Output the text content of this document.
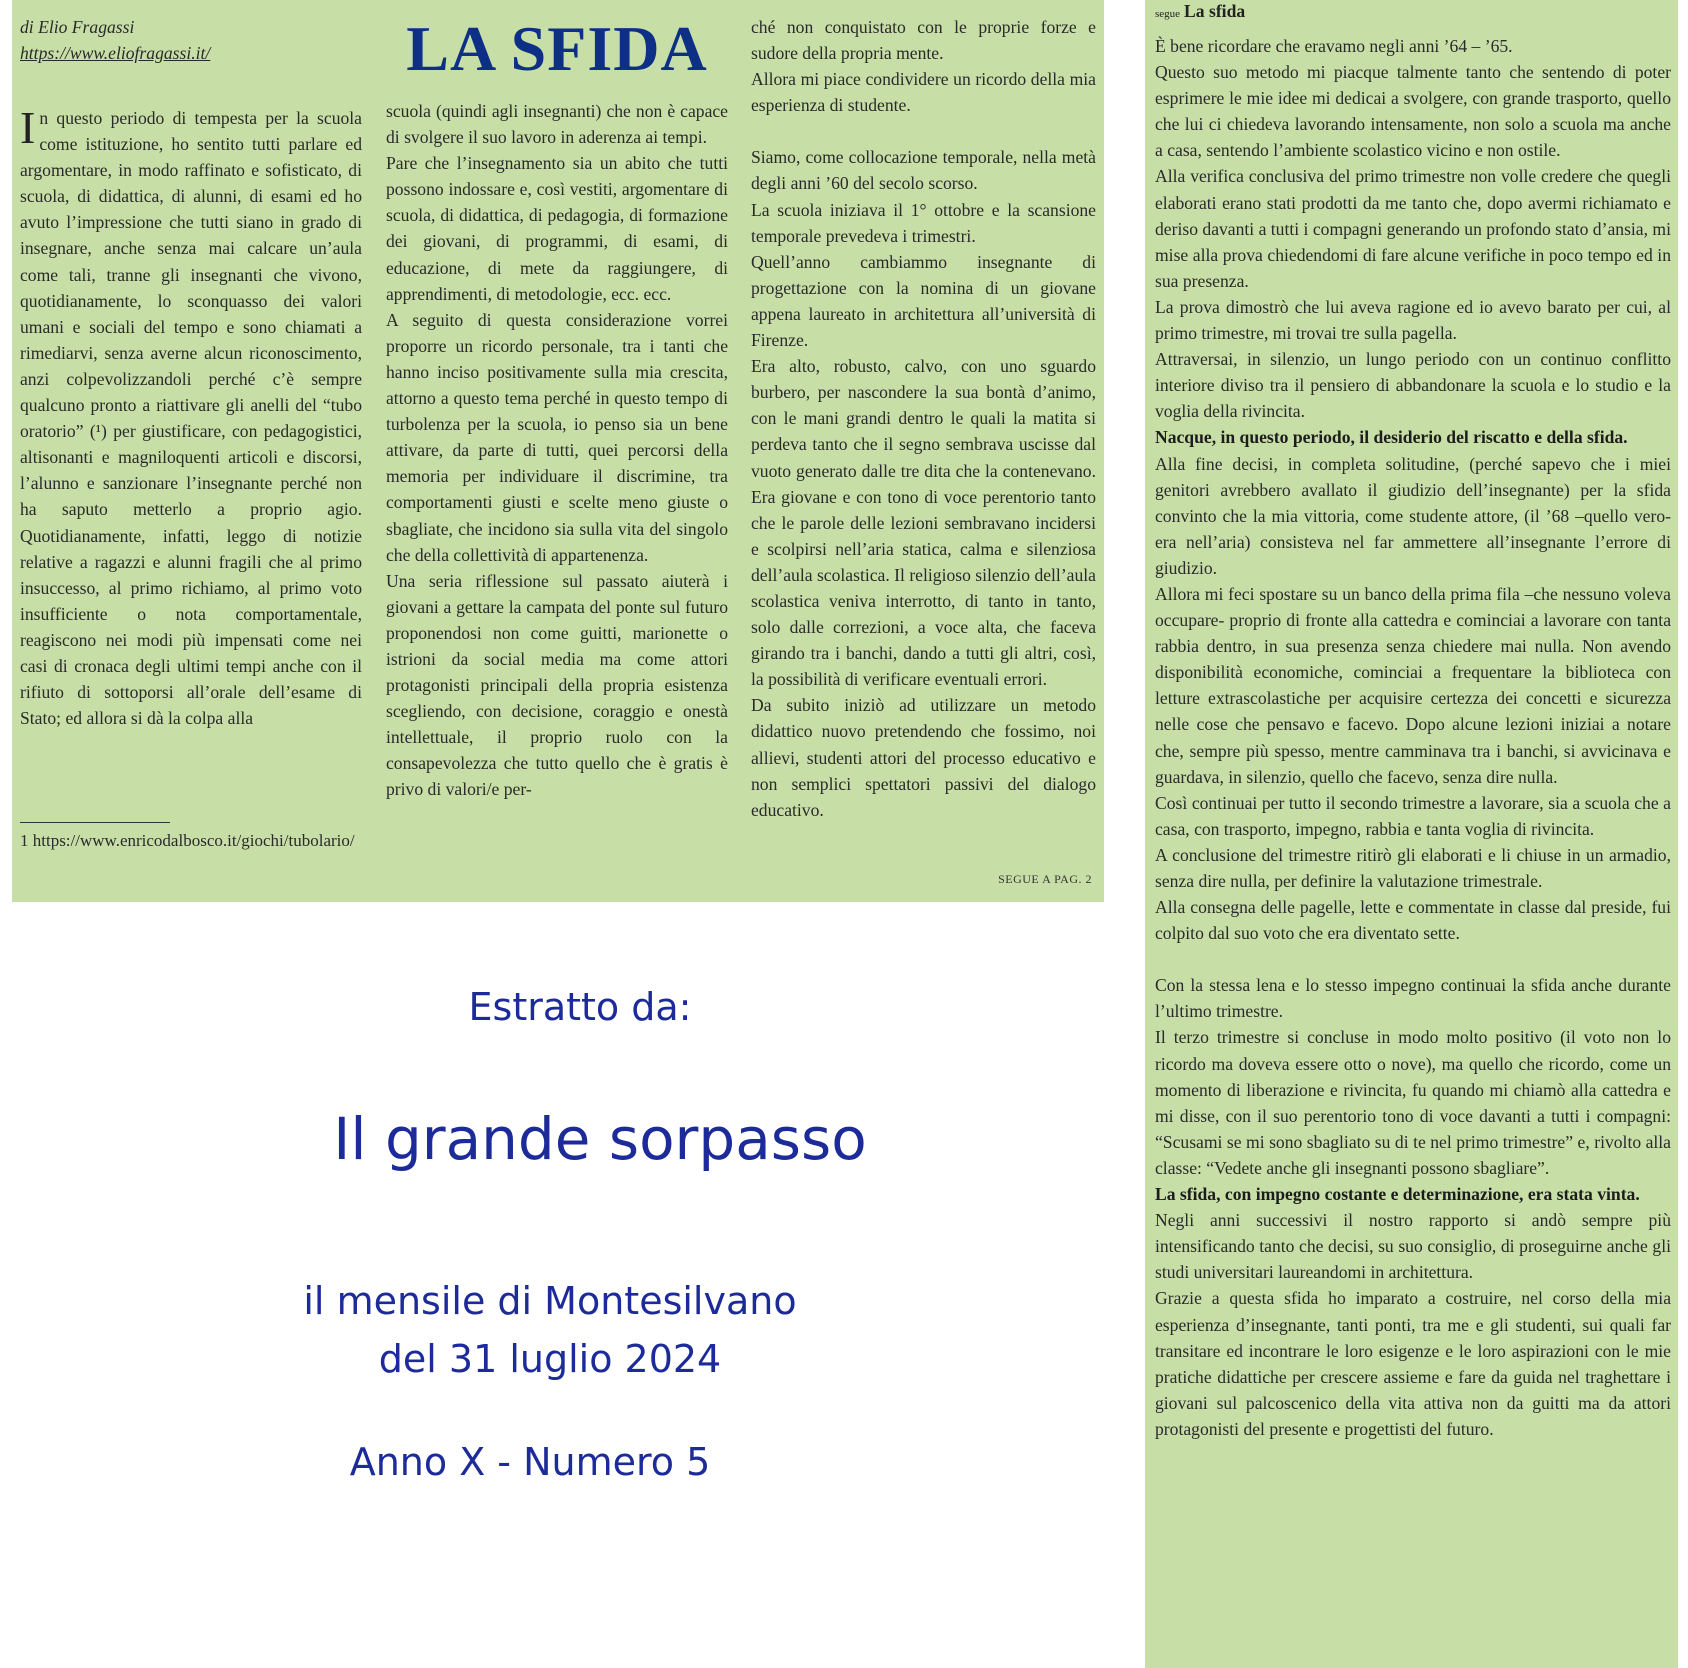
di Elio Fragassi
https://www.eliofragassi.it/	LA SFIDA

In questo periodo di tempesta per la scuola come istituzione, ho sentito tutti parlare ed argomentare, in modo raffinato e sofisticato, di scuola, di didattica, di alunni, di esami ed ho avuto l’impressione che tutti siano in grado di insegnare, anche senza mai calcare un’aula come tali, tranne gli insegnanti che vivono, quotidianamente, lo sconquasso dei valori umani e sociali del tempo e sono chiamati a rimediarvi, senza averne alcun riconoscimento, anzi colpevolizzandoli perché c’è sempre qualcuno pronto a riattivare gli anelli del “tubo oratorio” (¹) per giustificare, con pedagogistici, altisonanti e magniloquenti articoli e discorsi, l’alunno e sanzionare l’insegnante perché non ha saputo metterlo a proprio agio. Quotidianamente, infatti, leggo di notizie relative a ragazzi e alunni fragili che al primo insuccesso, al primo richiamo, al primo voto insufficiente o nota comportamentale, reagiscono nei modi più impensati come nei casi di cronaca degli ultimi tempi anche con il rifiuto di sottoporsi all’orale dell’esame di Stato; ed allora si dà la colpa alla

1 https://www.enricodalbosco.it/giochi/tubolario/

scuola (quindi agli insegnanti) che non è capace di svolgere il suo lavoro in aderenza ai tempi.

Pare che l’insegnamento sia un abito che tutti possono indossare e, così vestiti, argomentare di scuola, di didattica, di pedagogia, di formazione dei giovani, di programmi, di esami, di educazione, di mete da raggiungere, di apprendimenti, di metodologie, ecc. ecc.

A seguito di questa considerazione vorrei proporre un ricordo personale, tra i tanti che hanno inciso positivamente sulla mia crescita, attorno a questo tema perché in questo tempo di turbolenza per la scuola, io penso sia un bene attivare, da parte di tutti, quei percorsi della memoria per individuare il discrimine, tra comportamenti giusti e scelte meno giuste o sbagliate, che incidono sia sulla vita del singolo che della collettività di appartenenza.

Una seria riflessione sul passato aiuterà i giovani a gettare la campata del ponte sul futuro proponendosi non come guitti, marionette o istrioni da social media ma come attori protagonisti principali della propria esistenza scegliendo, con decisione, coraggio e onestà intellettuale, il proprio ruolo con la consapevolezza che tutto quello che è gratis è privo di valori/e per-

ché non conquistato con le proprie forze e sudore della propria mente.

Allora mi piace condividere un ricordo della mia esperienza di studente.

Siamo, come collocazione temporale, nella metà degli anni ’60 del secolo scorso.

La scuola iniziava il 1° ottobre e la scansione temporale prevedeva i trimestri.

Quell’anno cambiammo insegnante di progettazione con la nomina di un giovane appena laureato in architettura all’università di Firenze.

Era alto, robusto, calvo, con uno sguardo burbero, per nascondere la sua bontà d’animo, con le mani grandi dentro le quali la matita si perdeva tanto che il segno sembrava uscisse dal vuoto generato dalle tre dita che la contenevano. Era giovane e con tono di voce perentorio tanto che le parole delle lezioni sembravano incidersi e scolpirsi nell’aria statica, calma e silenziosa dell’aula scolastica. Il religioso silenzio dell’aula scolastica veniva interrotto, di tanto in tanto, solo dalle correzioni, a voce alta, che faceva girando tra i banchi, dando a tutti gli altri, così, la possibilità di verificare eventuali errori.

Da subito iniziò ad utilizzare un metodo didattico nuovo pretendendo che fossimo, noi allievi, studenti attori del processo educativo e non semplici spettatori passivi del dialogo educativo.

SEGUE A PAG. 2
segue La sfida

È bene ricordare che eravamo negli anni ’64 – ’65.

Questo suo metodo mi piacque talmente tanto che sentendo di poter esprimere le mie idee mi dedicai a svolgere, con grande trasporto, quello che lui ci chiedeva lavorando intensamente, non solo a scuola ma anche a casa, sentendo l’ambiente scolastico vicino e non ostile.

Alla verifica conclusiva del primo trimestre non volle credere che quegli elaborati erano stati prodotti da me tanto che, dopo avermi richiamato e deriso davanti a tutti i compagni generando un profondo stato d’ansia, mi mise alla prova chiedendomi di fare alcune verifiche in poco tempo ed in sua presenza.

La prova dimostrò che lui aveva ragione ed io avevo barato per cui, al primo trimestre, mi trovai tre sulla pagella.

Attraversai, in silenzio, un lungo periodo con un continuo conflitto interiore diviso tra il pensiero di abbandonare la scuola e lo studio e la voglia della rivincita.

Nacque, in questo periodo, il desiderio del riscatto e della sfida.

Alla fine decisi, in completa solitudine, (perché sapevo che i miei genitori avrebbero avallato il giudizio dell’insegnante) per la sfida convinto che la mia vittoria, come studente attore, (il ’68 –quello vero- era nell’aria) consisteva nel far ammettere all’insegnante l’errore di giudizio.

Allora mi feci spostare su un banco della prima fila –che nessuno voleva occupare- proprio di fronte alla cattedra e cominciai a lavorare con tanta rabbia dentro, in sua presenza senza chiedere mai nulla. Non avendo disponibilità economiche, cominciai a frequentare la biblioteca con letture extrascolastiche per acquisire certezza dei concetti e sicurezza nelle cose che pensavo e facevo. Dopo alcune lezioni iniziai a notare che, sempre più spesso, mentre camminava tra i banchi, si avvicinava e guardava, in silenzio, quello che facevo, senza dire nulla.

Così continuai per tutto il secondo trimestre a lavorare, sia a scuola che a casa, con trasporto, impegno, rabbia e tanta voglia di rivincita.

A conclusione del trimestre ritirò gli elaborati e li chiuse in un armadio, senza dire nulla, per definire la valutazione trimestrale.

Alla consegna delle pagelle, lette e commentate in classe dal preside, fui colpito dal suo voto che era diventato sette.

Con la stessa lena e lo stesso impegno continuai la sfida anche durante l’ultimo trimestre.

Il terzo trimestre si concluse in modo molto positivo (il voto non lo ricordo ma doveva essere otto o nove), ma quello che ricordo, come un momento di liberazione e rivincita, fu quando mi chiamò alla cattedra e mi disse, con il suo perentorio tono di voce davanti a tutti i compagni: “Scusami se mi sono sbagliato su di te nel primo trimestre” e, rivolto alla classe: “Vedete anche gli insegnanti possono sbagliare”.

La sfida, con impegno costante e determinazione, era stata vinta.

Negli anni successivi il nostro rapporto si andò sempre più intensificando tanto che decisi, su suo consiglio, di proseguirne anche gli studi universitari laureandomi in architettura.

Grazie a questa sfida ho imparato a costruire, nel corso della mia esperienza d’insegnante, tanti ponti, tra me e gli studenti, sui quali far transitare ed incontrare le loro esigenze e le loro aspirazioni con le mie pratiche didattiche per crescere assieme e fare da guida nel traghettare i giovani sul palcoscenico della vita attiva non da guitti ma da attori protagonisti del presente e progettisti del futuro.

Estratto da:
Il grande sorpasso
il mensile di Montesilvano
del 31 luglio 2024
Anno X - Numero 5
